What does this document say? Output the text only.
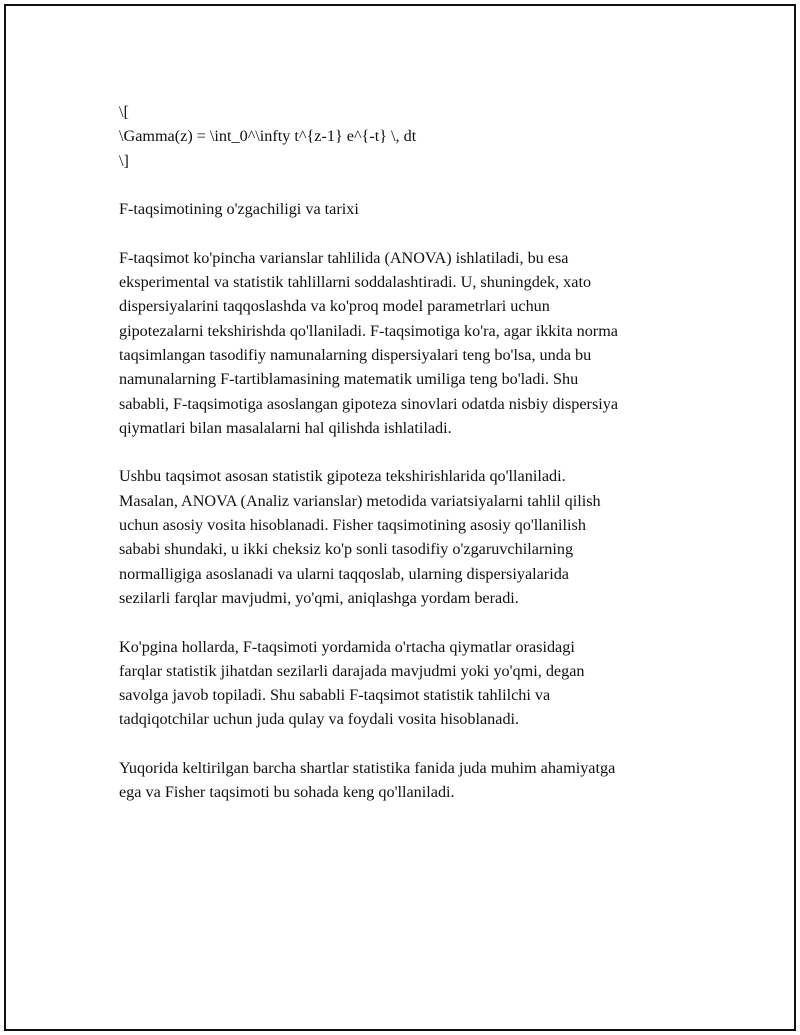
\[

\Gamma(z) = \int_0^\infty t^{z-1} e^{-t} \, dt

\]

F-taqsimotining o'zgachiligi va tarixi

F-taqsimot ko'pincha varianslar tahlilida (ANOVA) ishlatiladi, bu esa
eksperimental va statistik tahlillarni soddalashtiradi. U, shuningdek, xato
dispersiyalarini taqqoslashda va ko'proq model parametrlari uchun
gipotezalarni tekshirishda qo'llaniladi. F-taqsimotiga ko'ra, agar ikkita norma
taqsimlangan tasodifiy namunalarning dispersiyalari teng bo'lsa, unda bu
namunalarning F-tartiblamasining matematik umiliga teng bo'ladi. Shu
sababli, F-taqsimotiga asoslangan gipoteza sinovlari odatda nisbiy dispersiya
qiymatlari bilan masalalarni hal qilishda ishlatiladi.

Ushbu taqsimot asosan statistik gipoteza tekshirishlarida qo'llaniladi.
Masalan, ANOVA (Analiz varianslar) metodida variatsiyalarni tahlil qilish
uchun asosiy vosita hisoblanadi. Fisher taqsimotining asosiy qo'llanilish
sababi shundaki, u ikki cheksiz ko'p sonli tasodifiy o'zgaruvchilarning
normalligiga asoslanadi va ularni taqqoslab, ularning dispersiyalarida
sezilarli farqlar mavjudmi, yo'qmi, aniqlashga yordam beradi.

Ko'pgina hollarda, F-taqsimoti yordamida o'rtacha qiymatlar orasidagi
farqlar statistik jihatdan sezilarli darajada mavjudmi yoki yo'qmi, degan
savolga javob topiladi. Shu sababli F-taqsimot statistik tahlilchi va
tadqiqotchilar uchun juda qulay va foydali vosita hisoblanadi.

Yuqorida keltirilgan barcha shartlar statistika fanida juda muhim ahamiyatga
ega va Fisher taqsimoti bu sohada keng qo'llaniladi.
